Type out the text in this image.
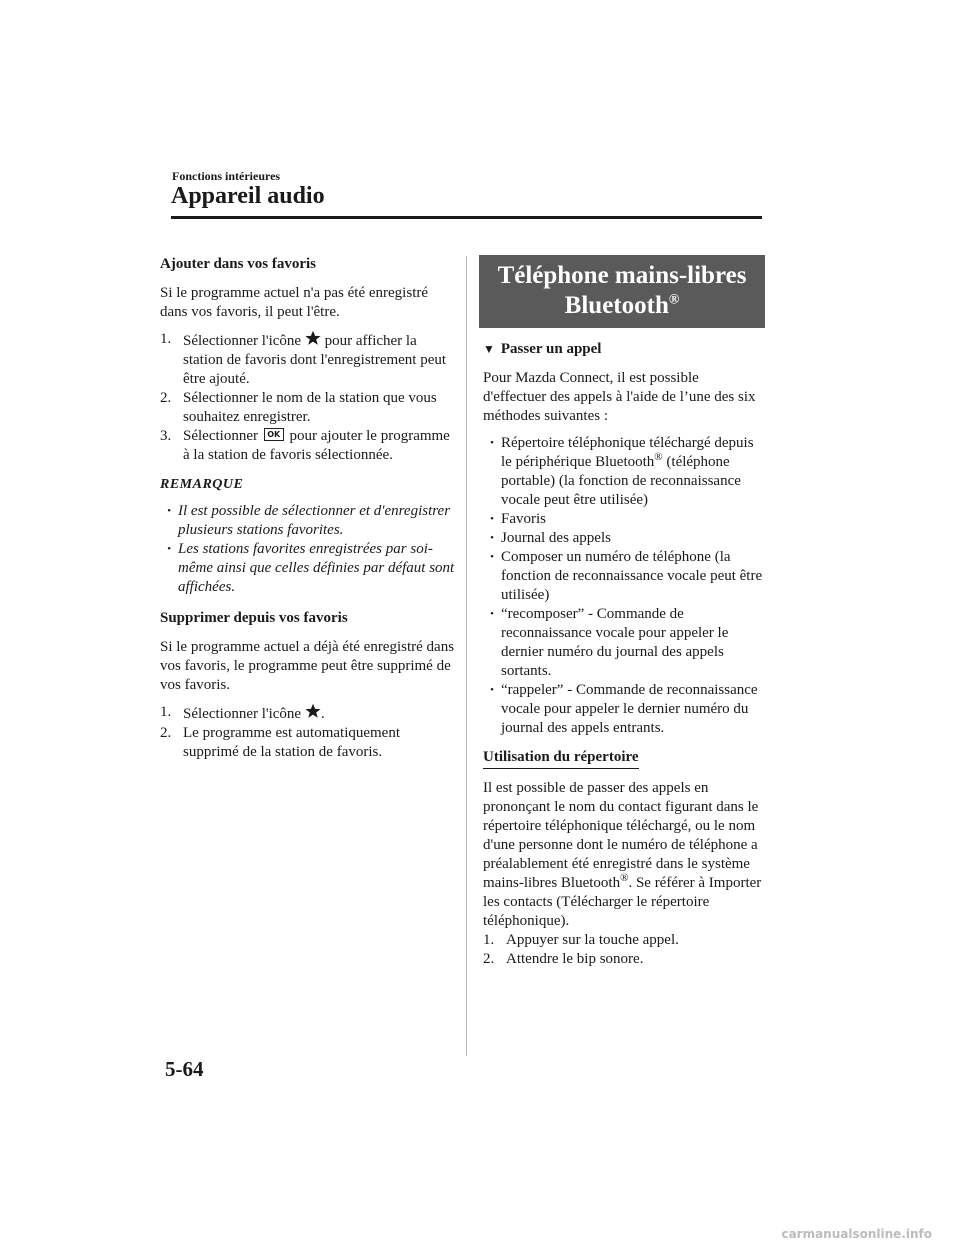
Fonctions intérieures
Appareil audio

Ajouter dans vos favoris

Si le programme actuel n'a pas été enregistré dans vos favoris, il peut l'être.

1. Sélectionner l'icône  pour afficher la station de favoris dont l'enregistrement peut être ajouté.
2. Sélectionner le nom de la station que vous souhaitez enregistrer.
3. Sélectionner OK pour ajouter le programme à la station de favoris sélectionnée.

REMARQUE

• Il est possible de sélectionner et d'enregistrer plusieurs stations favorites.
• Les stations favorites enregistrées par soi-même ainsi que celles définies par défaut sont affichées.

Supprimer depuis vos favoris

Si le programme actuel a déjà été enregistré dans vos favoris, le programme peut être supprimé de vos favoris.

1. Sélectionner l'icône .
2. Le programme est automatiquement supprimé de la station de favoris.
Téléphone mains-libres
Bluetooth®

▼ Passer un appel

Pour Mazda Connect, il est possible d'effectuer des appels à l'aide de l’une des six méthodes suivantes :

• Répertoire téléphonique téléchargé depuis le périphérique Bluetooth® (téléphone portable) (la fonction de reconnaissance vocale peut être utilisée)
• Favoris
• Journal des appels
• Composer un numéro de téléphone (la fonction de reconnaissance vocale peut être utilisée)
• “recomposer” - Commande de reconnaissance vocale pour appeler le dernier numéro du journal des appels sortants.
• “rappeler” - Commande de reconnaissance vocale pour appeler le dernier numéro du journal des appels entrants.

Utilisation du répertoire

Il est possible de passer des appels en prononçant le nom du contact figurant dans le répertoire téléphonique téléchargé, ou le nom d'une personne dont le numéro de téléphone a préalablement été enregistré dans le système mains-libres Bluetooth®. Se référer à Importer les contacts (Télécharger le répertoire téléphonique).

1. Appuyer sur la touche appel.
2. Attendre le bip sonore.
5-64
carmanualsonline.info
